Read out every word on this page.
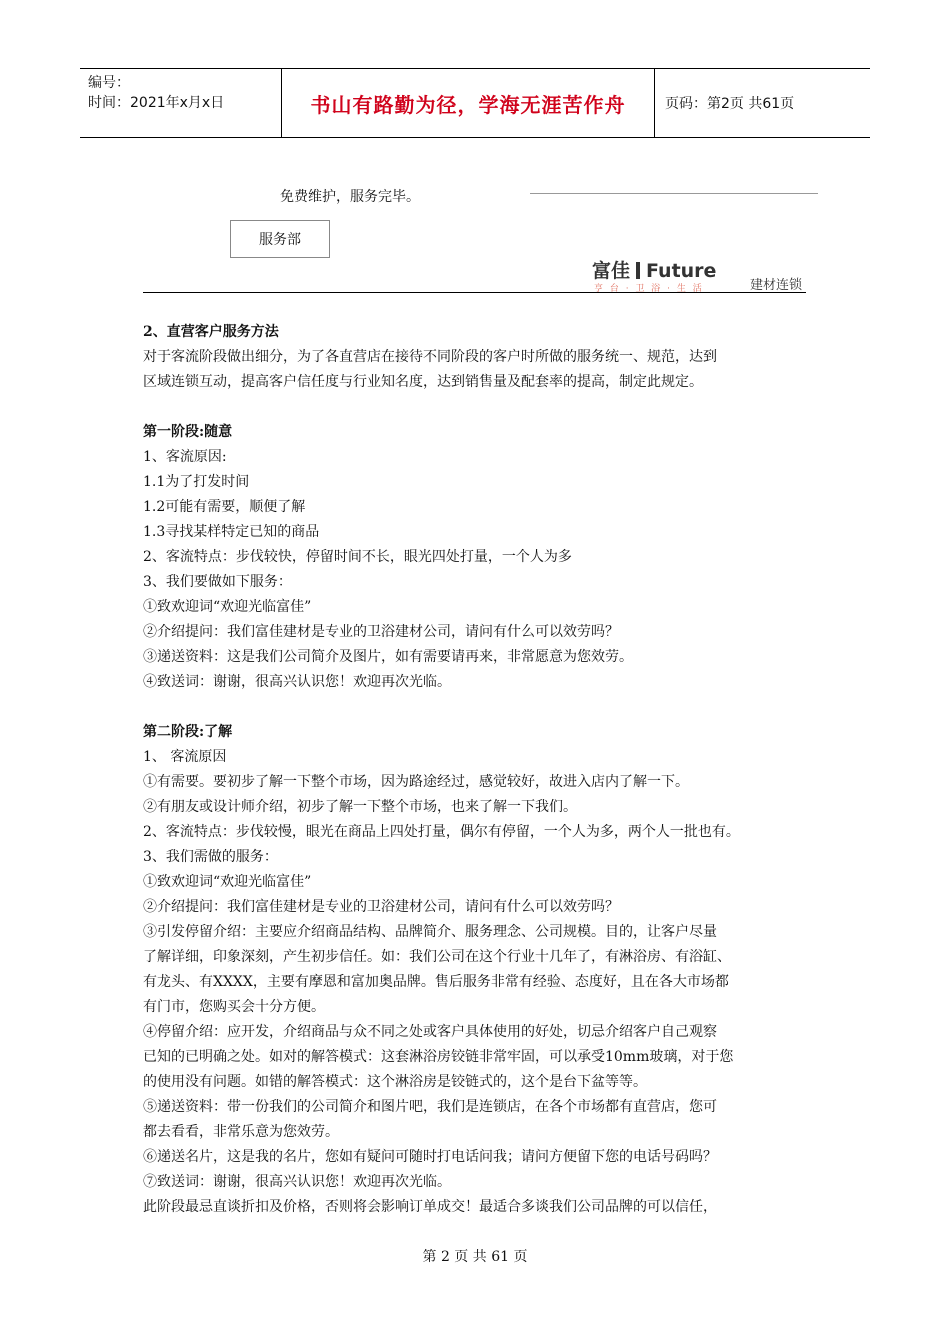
编号：
时间：2021年x月x日	书山有路勤为径，学海无涯苦作舟	页码：第2页 共61页
免费维护，服务完毕。
服务部
富佳 Future
亨 台 · 卫 浴 · 生 活	建材连锁

2、直营客户服务方法

对于客流阶段做出细分，为了各直营店在接待不同阶段的客户时所做的服务统一、规范，达到

区域连锁互动，提高客户信任度与行业知名度，达到销售量及配套率的提高，制定此规定。

第一阶段:随意

1、客流原因:

1.1为了打发时间

1.2可能有需要，顺便了解

1.3寻找某样特定已知的商品

2、客流特点：步伐较快，停留时间不长，眼光四处打量，一个人为多

3、我们要做如下服务：

①致欢迎词“欢迎光临富佳”

②介绍提问：我们富佳建材是专业的卫浴建材公司，请问有什么可以效劳吗？

③递送资料：这是我们公司简介及图片，如有需要请再来，非常愿意为您效劳。

④致送词：谢谢，很高兴认识您！欢迎再次光临。

第二阶段:了解

1、 客流原因

①有需要。要初步了解一下整个市场，因为路途经过，感觉较好，故进入店内了解一下。

②有朋友或设计师介绍，初步了解一下整个市场，也来了解一下我们。

2、客流特点：步伐较慢，眼光在商品上四处打量，偶尔有停留，一个人为多，两个人一批也有。

3、我们需做的服务：

①致欢迎词“欢迎光临富佳”

②介绍提问：我们富佳建材是专业的卫浴建材公司，请问有什么可以效劳吗？

③引发停留介绍：主要应介绍商品结构、品牌简介、服务理念、公司规模。目的，让客户尽量

了解详细，印象深刻，产生初步信任。如：我们公司在这个行业十几年了，有淋浴房、有浴缸、

有龙头、有XXXX，主要有摩恩和富加奥品牌。售后服务非常有经验、态度好，且在各大市场都

有门市，您购买会十分方便。

④停留介绍：应开发，介绍商品与众不同之处或客户具体使用的好处，切忌介绍客户自己观察

已知的已明确之处。如对的解答模式：这套淋浴房铰链非常牢固，可以承受10mm玻璃，对于您

的使用没有问题。如错的解答模式：这个淋浴房是铰链式的，这个是台下盆等等。

⑤递送资料：带一份我们的公司简介和图片吧，我们是连锁店，在各个市场都有直营店，您可

都去看看，非常乐意为您效劳。

⑥递送名片，这是我的名片，您如有疑问可随时打电话问我；请问方便留下您的电话号码吗？

⑦致送词：谢谢，很高兴认识您！欢迎再次光临。

此阶段最忌直谈折扣及价格，否则将会影响订单成交！最适合多谈我们公司品牌的可以信任，

第 2 页 共 61 页
